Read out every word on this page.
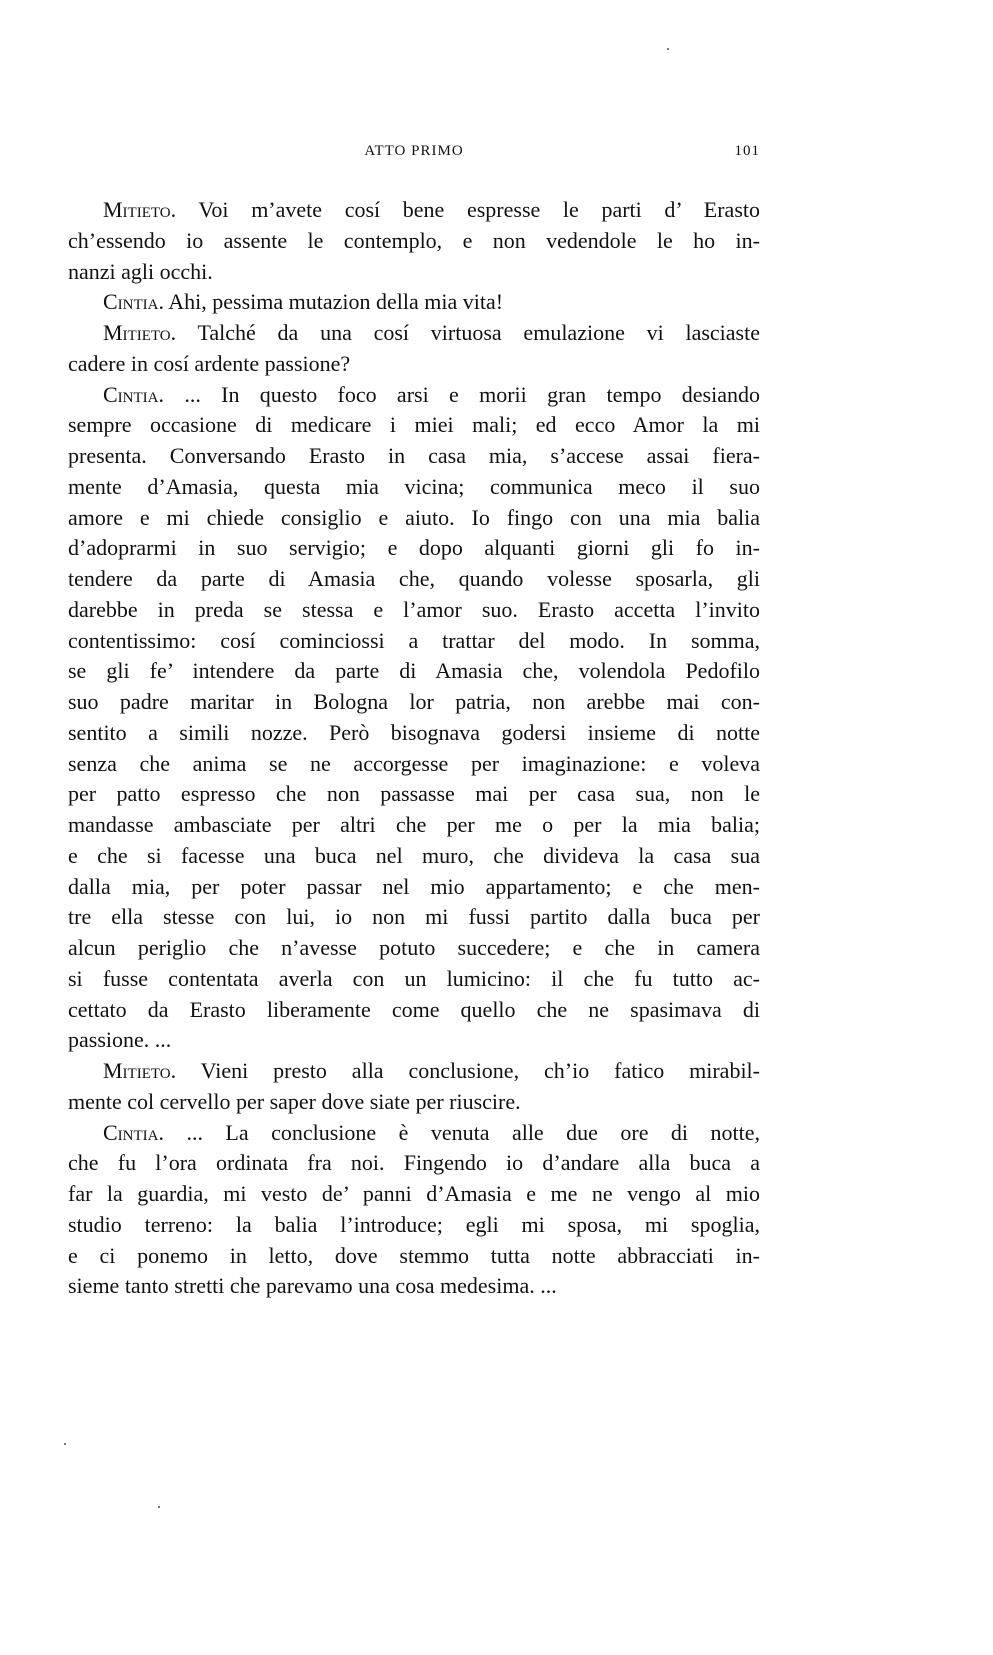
ATTO PRIMO	101
Mitieto. Voi m’avete cosí bene espresse le parti d’ Erasto
ch’essendo io assente le contemplo, e non vedendole le ho in-
nanzi agli occhi.
Cintia. Ahi, pessima mutazion della mia vita!
Mitieto. Talché da una cosí virtuosa emulazione vi lasciaste
cadere in cosí ardente passione?
Cintia. ... In questo foco arsi e morii gran tempo desiando
sempre occasione di medicare i miei mali; ed ecco Amor la mi
presenta. Conversando Erasto in casa mia, s’accese assai fiera-
mente d’Amasia, questa mia vicina; communica meco il suo
amore e mi chiede consiglio e aiuto. Io fingo con una mia balia
d’adoprarmi in suo servigio; e dopo alquanti giorni gli fo in-
tendere da parte di Amasia che, quando volesse sposarla, gli
darebbe in preda se stessa e l’amor suo. Erasto accetta l’invito
contentissimo: cosí cominciossi a trattar del modo. In somma,
se gli fe’ intendere da parte di Amasia che, volendola Pedofilo
suo padre maritar in Bologna lor patria, non arebbe mai con-
sentito a simili nozze. Però bisognava godersi insieme di notte
senza che anima se ne accorgesse per imaginazione: e voleva
per patto espresso che non passasse mai per casa sua, non le
mandasse ambasciate per altri che per me o per la mia balia;
e che si facesse una buca nel muro, che divideva la casa sua
dalla mia, per poter passar nel mio appartamento; e che men-
tre ella stesse con lui, io non mi fussi partito dalla buca per
alcun periglio che n’avesse potuto succedere; e che in camera
si fusse contentata averla con un lumicino: il che fu tutto ac-
cettato da Erasto liberamente come quello che ne spasimava di
passione. ...
Mitieto. Vieni presto alla conclusione, ch’io fatico mirabil-
mente col cervello per saper dove siate per riuscire.
Cintia. ... La conclusione è venuta alle due ore di notte,
che fu l’ora ordinata fra noi. Fingendo io d’andare alla buca a
far la guardia, mi vesto de’ panni d’Amasia e me ne vengo al mio
studio terreno: la balia l’introduce; egli mi sposa, mi spoglia,
e ci ponemo in letto, dove stemmo tutta notte abbracciati in-
sieme tanto stretti che parevamo una cosa medesima. ...
